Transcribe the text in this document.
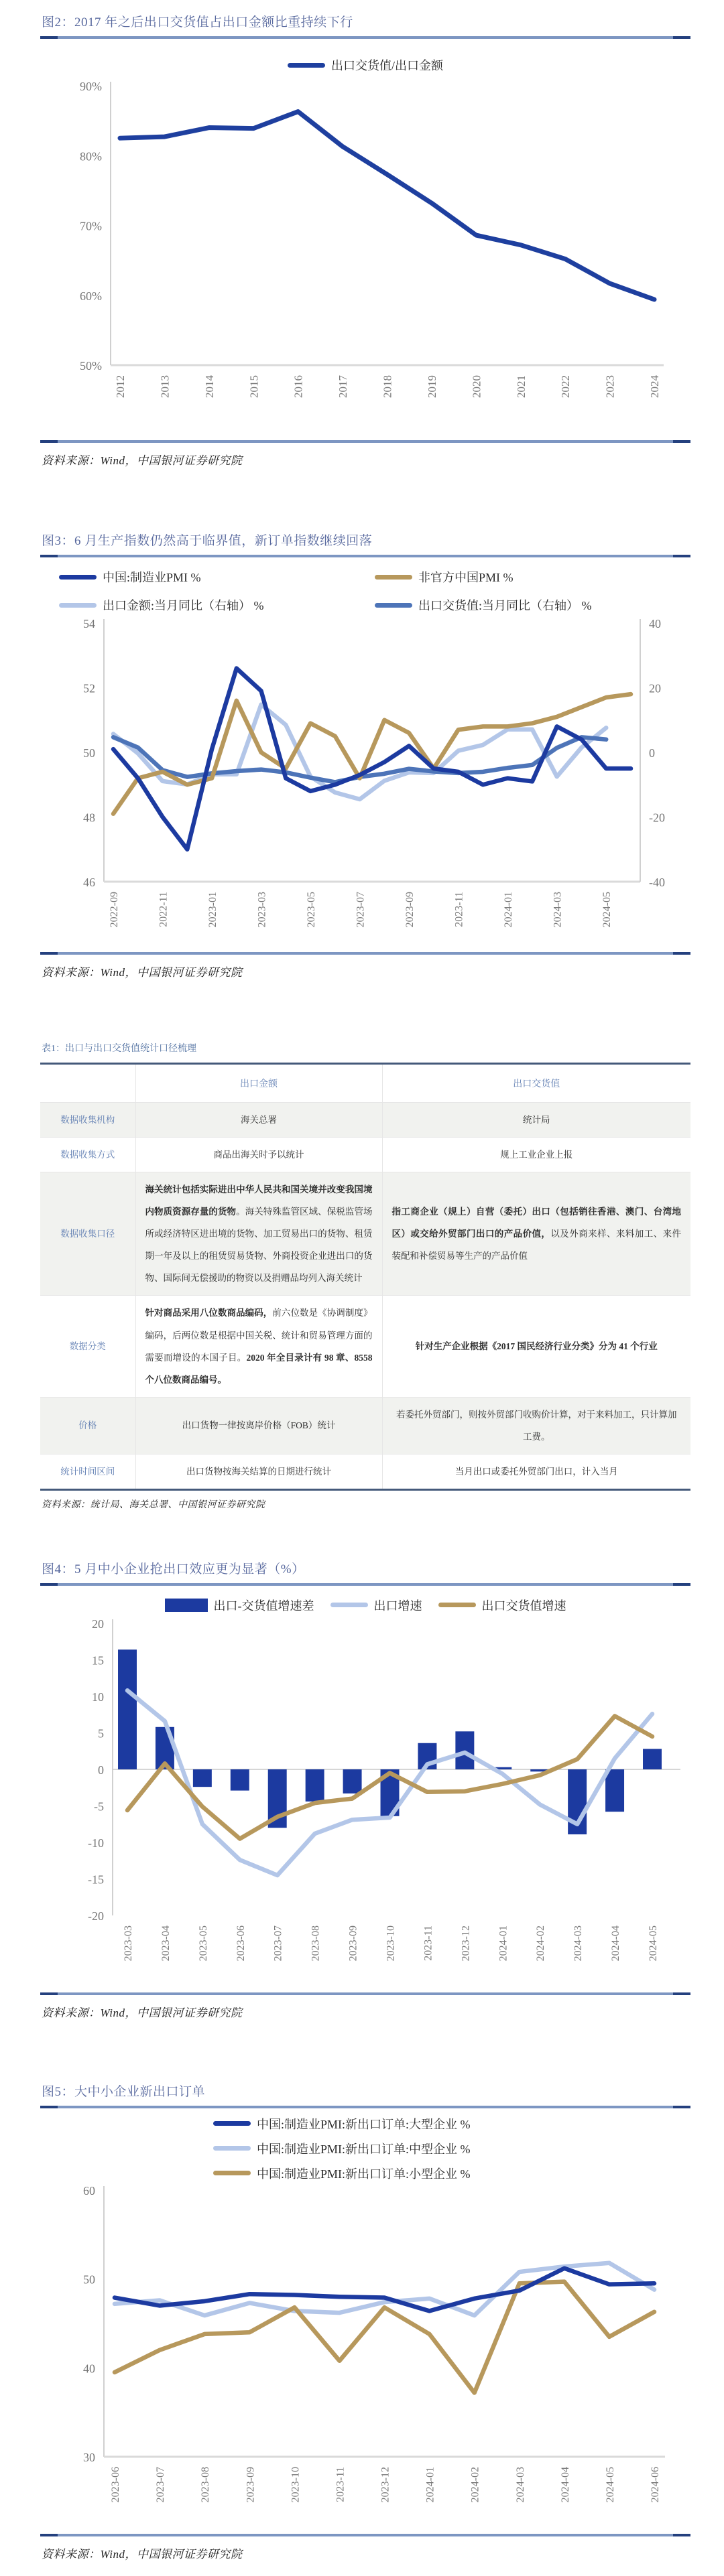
图2：2017 年之后出口交货值占出口金额比重持续下行
出口交货值/出口金额
50%
60%
70%
80%
90%
2012	2013	2014	2015	2016	2017	2018	2019	2020	2021	2022	2023	2024

资料来源：Wind，中国银河证券研究院

图3：6 月生产指数仍然高于临界值，新订单指数继续回落
中国:制造业PMI %	非官方中国PMI %
出口金额:当月同比（右轴） %	出口交货值:当月同比（右轴） %
46
48
50
52
54
-40
-20
0
20
40
2022-09	2022-11	2023-01	2023-03	2023-05	2023-07	2023-09	2023-11	2024-01	2024-03	2024-05

资料来源：Wind，中国银河证券研究院

表1：出口与出口交货值统计口径梳理

	出口金额	出口交货值
数据收集机构	海关总署	统计局
数据收集方式	商品出海关时予以统计	规上工业企业上报
数据收集口径	海关统计包括实际进出中华人民共和国关境并改变我国境内物质资源存量的货物。海关特殊监管区域、保税监管场所或经济特区进出境的货物、加工贸易出口的货物、租赁期一年及以上的租赁贸易货物、外商投资企业进出口的货物、国际间无偿援助的物资以及捐赠品均列入海关统计	指工商企业（规上）自营（委托）出口（包括销往香港、澳门、台湾地区）或交给外贸部门出口的产品价值，以及外商来样、来料加工、来件装配和补偿贸易等生产的产品价值
数据分类	针对商品采用八位数商品编码，前六位数是《协调制度》编码，后两位数是根据中国关税、统计和贸易管理方面的需要而增设的本国子目。2020 年全目录计有 98 章、8558 个八位数商品编号。	针对生产企业根据《2017 国民经济行业分类》分为 41 个行业
价格	出口货物一律按离岸价格（FOB）统计	若委托外贸部门，则按外贸部门收购价计算，对于来料加工，只计算加工费。
统计时间区间	出口货物按海关结算的日期进行统计	当月出口或委托外贸部门出口，计入当月

资料来源：统计局、海关总署、中国银河证券研究院

图4：5 月中小企业抢出口效应更为显著（%）
出口-交货值增速差	出口增速	出口交货值增速
-20
-15
-10
-5
0
5
10
15
20
2023-03 2023-04 2023-05 2023-06 2023-07 2023-08 2023-09 2023-10 2023-11 2023-12 2024-01 2024-02 2024-03 2024-04 2024-05

资料来源：Wind，中国银河证券研究院

图5：大中小企业新出口订单
中国:制造业PMI:新出口订单:大型企业 %
中国:制造业PMI:新出口订单:中型企业 %
中国:制造业PMI:新出口订单:小型企业 %
30
40
50
60
2023-06	2023-07	2023-08	2023-09	2023-10	2023-11	2023-12	2024-01	2024-02	2024-03	2024-04	2024-05	2024-06

资料来源：Wind，中国银河证券研究院
